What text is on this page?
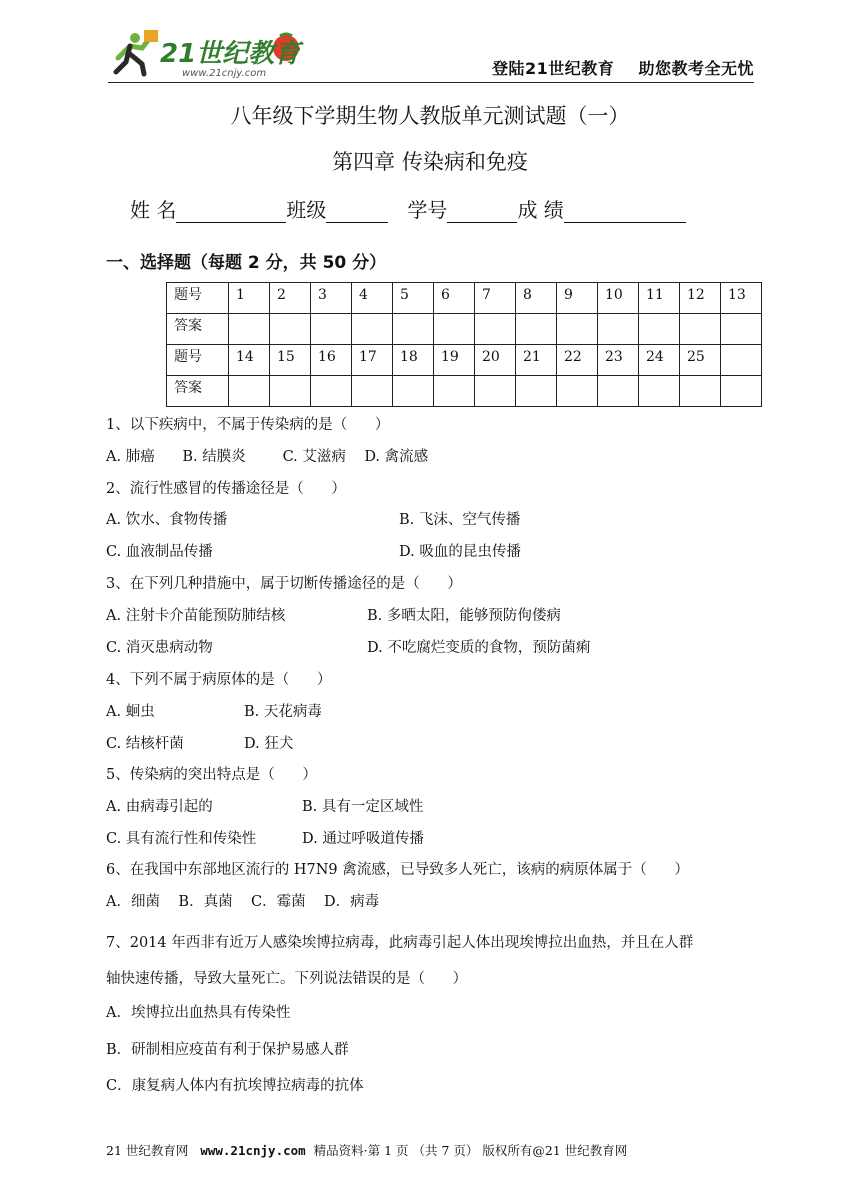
21世纪教育
www.21cnjy.com	登陆21世纪教育    助您教考全无忧
八年级下学期生物人教版单元测试题（一）
第四章 传染病和免疫
姓 名	班级	学号	成 绩
一、选择题（每题 2 分，共 50 分）
题号	1	2	3	4	5	6	7	8	9	10	11	12	13
答案													
题号	14	15	16	17	18	19	20	21	22	23	24	25	
答案													
1、以下疾病中，不属于传染病的是（      ）
A. 肺癌      B. 结膜炎        C. 艾滋病    D. 禽流感
2、流行性感冒的传播途径是（      ）
A. 饮水、食物传播	B. 飞沫、空气传播
C. 血液制品传播	D. 吸血的昆虫传播
3、在下列几种措施中，属于切断传播途径的是（      ）
A. 注射卡介苗能预防肺结核	B. 多晒太阳，能够预防佝偻病
C. 消灭患病动物	D. 不吃腐烂变质的食物，预防菌痢
4、下列不属于病原体的是（      ）
A. 蛔虫	B. 天花病毒
C. 结核杆菌	D. 狂犬
5、传染病的突出特点是（      ）
A. 由病毒引起的	B. 具有一定区域性
C. 具有流行性和传染性	D. 通过呼吸道传播
6、在我国中东部地区流行的 H7N9 禽流感，已导致多人死亡，该病的病原体属于（      ）
A．细菌    B．真菌    C．霉菌    D．病毒
7、2014 年西非有近万人感染埃博拉病毒，此病毒引起人体出现埃博拉出血热，并且在人群
轴快速传播，导致大量死亡。下列说法错误的是（      ）
A．埃博拉出血热具有传染性
B．研制相应疫苗有利于保护易感人群
C．康复病人体内有抗埃博拉病毒的抗体
21 世纪教育网 www.21cnjy.com 精品资料·第 1 页 （共 7 页） 版权所有@21 世纪教育网
